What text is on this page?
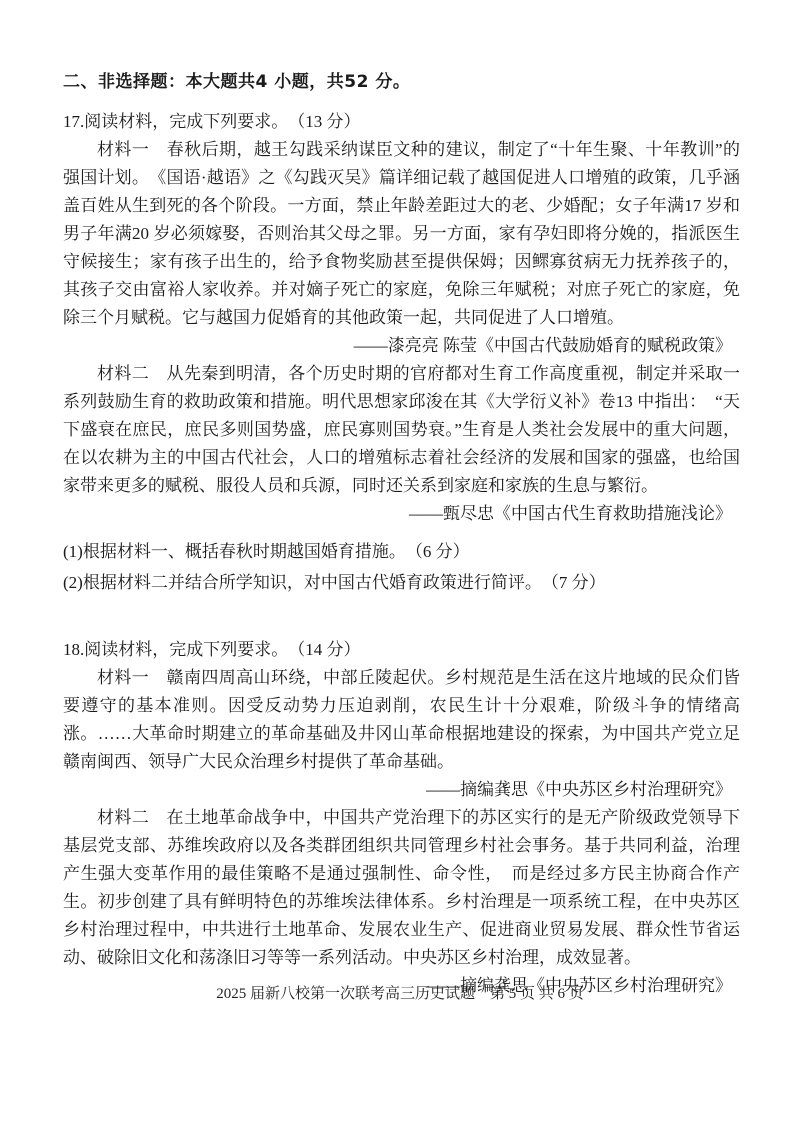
二、非选择题：本大题共4 小题，共52 分。
17.阅读材料，完成下列要求。　（13 分）
材料一　春秋后期，越王勾践采纳谋臣文种的建议，制定了“十年生聚、十年教训”的强国计划。　《国语·越语》之《勾践灭吴》篇详细记载了越国促进人口增殖的政策，几乎涵盖百姓从生到死的各个阶段。一方面，禁止年龄差距过大的老、少婚配；女子年满17 岁和男子年满20 岁必须嫁娶，否则治其父母之罪。另一方面，家有孕妇即将分娩的，指派医生守候接生；家有孩子出生的，给予食物奖励甚至提供保姆；因鳏寡贫病无力抚养孩子的，其孩子交由富裕人家收养。并对嫡子死亡的家庭，免除三年赋税；对庶子死亡的家庭，免除三个月赋税。它与越国力促婚育的其他政策一起，共同促进了人口增殖。
——漆亮亮 陈莹《中国古代鼓励婚育的赋税政策》
材料二　从先秦到明清，各个历史时期的官府都对生育工作高度重视，制定并采取一系列鼓励生育的救助政策和措施。明代思想家邱浚在其《大学衍义补》卷13 中指出：　“天下盛衰在庶民，庶民多则国势盛，庶民寡则国势衰。”生育是人类社会发展中的重大问题，在以农耕为主的中国古代社会，人口的增殖标志着社会经济的发展和国家的强盛，也给国家带来更多的赋税、服役人员和兵源，同时还关系到家庭和家族的生息与繁衍。
——甄尽忠《中国古代生育救助措施浅论》
(1)根据材料一、概括春秋时期越国婚育措施。　（6 分）
(2)根据材料二并结合所学知识，对中国古代婚育政策进行简评。　（7 分）
18.阅读材料，完成下列要求。　（14 分）
材料一　赣南四周高山环绕，中部丘陵起伏。乡村规范是生活在这片地域的民众们皆要遵守的基本准则。因受反动势力压迫剥削，农民生计十分艰难，阶级斗争的情绪高涨。……大革命时期建立的革命基础及井冈山革命根据地建设的探索，为中国共产党立足赣南闽西、领导广大民众治理乡村提供了革命基础。
——摘编龚思《中央苏区乡村治理研究》
材料二　在土地革命战争中，中国共产党治理下的苏区实行的是无产阶级政党领导下基层党支部、苏维埃政府以及各类群团组织共同管理乡村社会事务。基于共同利益，治理产生强大变革作用的最佳策略不是通过强制性、命令性，　而是经过多方民主协商合作产生。初步创建了具有鲜明特色的苏维埃法律体系。乡村治理是一项系统工程，在中央苏区乡村治理过程中，中共进行土地革命、发展农业生产、促进商业贸易发展、群众性节省运动、破除旧文化和荡涤旧习等等一系列活动。中央苏区乡村治理，成效显著。
——摘编龚思《中央苏区乡村治理研究》
2025 届新八校第一次联考高三历史试题　第 5 页 共 6 页
